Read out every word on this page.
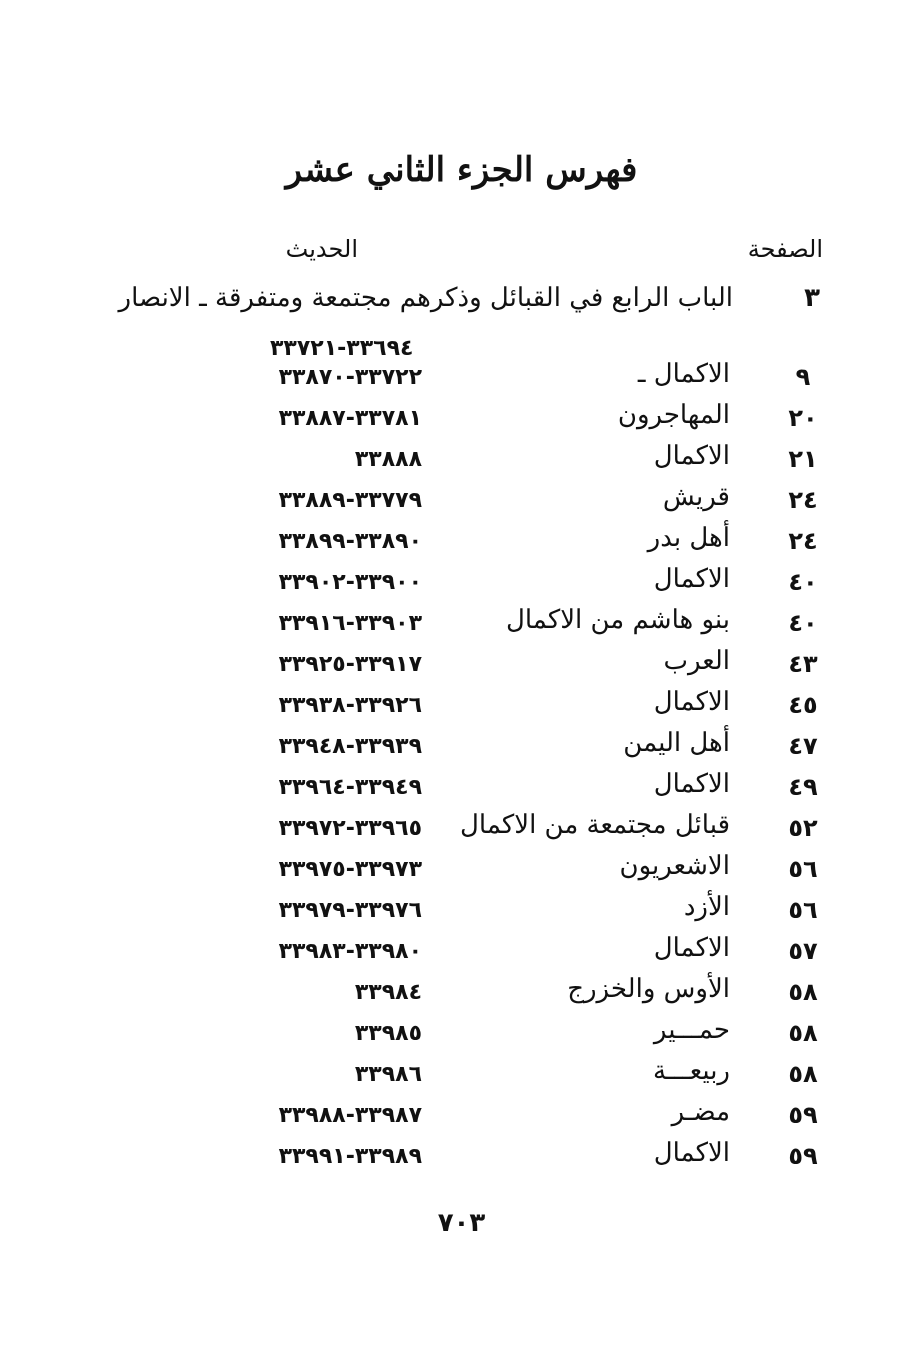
فهرس الجزء الثاني عشر
الصفحة
الحديث
٣
الباب الرابع في القبائل وذكرهم مجتمعة ومتفرقة ـ الانصار
٣٣٦٩٤-٣٣٧٢١
٩
الاكمال ـ
٣٣٧٢٢-٣٣٨٧٠
٢٠
المهاجرون
٣٣٧٨١-٣٣٨٨٧
٢١
الاكمال
٣٣٨٨٨
٢٤
قريش
٣٣٧٧٩-٣٣٨٨٩
٢٤
أهل بدر
٣٣٨٩٠-٣٣٨٩٩
٤٠
الاكمال
٣٣٩٠٠-٣٣٩٠٢
٤٠
بنو هاشم من الاكمال
٣٣٩٠٣-٣٣٩١٦
٤٣
العرب
٣٣٩١٧-٣٣٩٢٥
٤٥
الاكمال
٣٣٩٢٦-٣٣٩٣٨
٤٧
أهل اليمن
٣٣٩٣٩-٣٣٩٤٨
٤٩
الاكمال
٣٣٩٤٩-٣٣٩٦٤
٥٢
قبائل مجتمعة من الاكمال
٣٣٩٦٥-٣٣٩٧٢
٥٦
الاشعريون
٣٣٩٧٣-٣٣٩٧٥
٥٦
الأزد
٣٣٩٧٦-٣٣٩٧٩
٥٧
الاكمال
٣٣٩٨٠-٣٣٩٨٣
٥٨
الأوس والخزرج
٣٣٩٨٤
٥٨
حمـــير
٣٣٩٨٥
٥٨
ربيعـــة
٣٣٩٨٦
٥٩
مضـر
٣٣٩٨٧-٣٣٩٨٨
٥٩
الاكمال
٣٣٩٨٩-٣٣٩٩١
٧٠٣
